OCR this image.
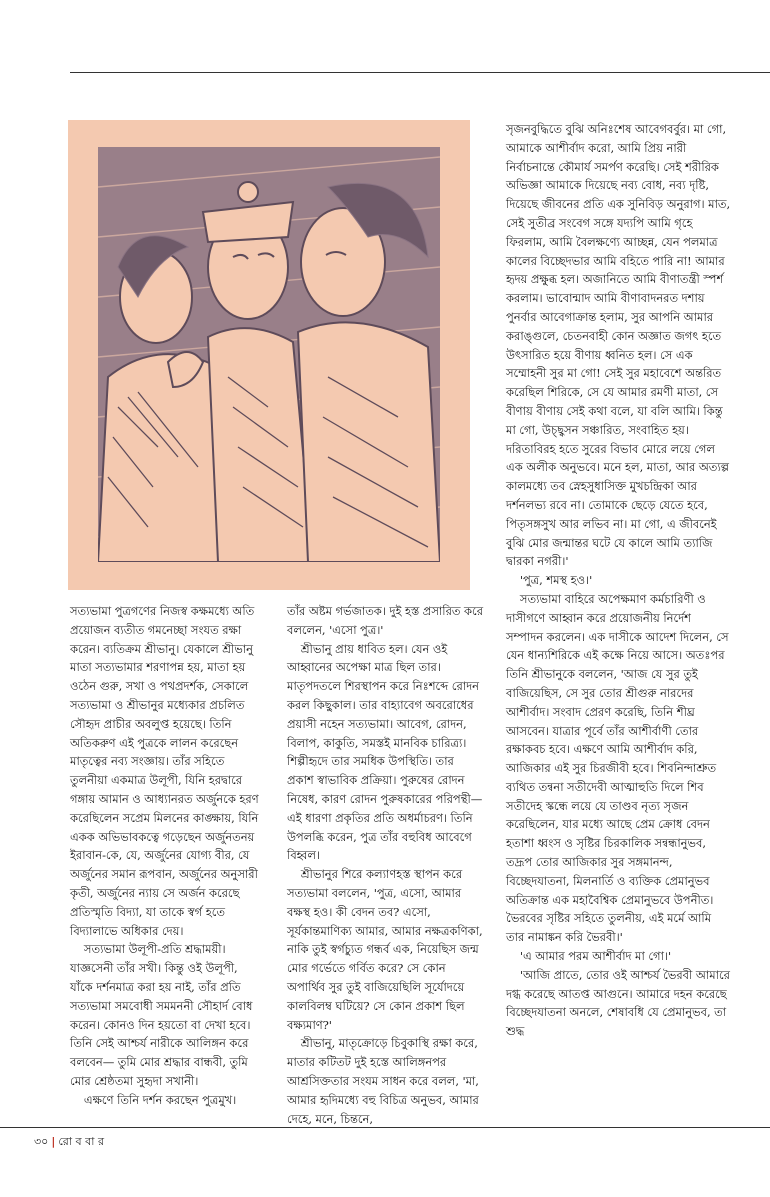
সত্যভামা পুত্রগণের নিজস্ব কক্ষমধ্যে অতি প্রয়োজন ব্যতীত গমনেচ্ছা সংযত রক্ষা করেন। ব্যতিক্রম শ্রীভানু। যেকালে শ্রীভানু মাতা সত্যভামার শরণাপন্ন হয়, মাতা হয় ওঠেন গুরু, সখা ও পথপ্রদর্শক, সেকালে সত্যভামা ও শ্রীভানুর মধ্যেকার প্রচলিত সৌহৃদ প্রাচীর অবলুপ্ত হয়েছে। তিনি অতিকরুণ এই পুত্রকে লালন করেছেন মাতৃত্বের নব্য সংজ্ঞায়। তাঁর সহিতে তুলনীয়া একমাত্র উলূপী, যিনি হরদ্বারে গঙ্গায় আমান ও আধ্যানরত অর্জুনকে হরণ করেছিলেন সপ্রেম মিলনের কাঙ্ক্ষায়, যিনি একক অভিভাবকত্বে গড়েছেন অর্জুনতনয় ইরাবান-কে, যে, অর্জুনের যোগ্য বীর, যে অর্জুনের সমান রূপবান, অর্জুনের অনুসারী কৃতী, অর্জুনের ন্যায় সে অর্জন করেছে প্রতিস্মৃতি বিদ্যা, যা তাকে স্বর্গ হতে বিদ্যালাভে অধিকার দেয়।

সত্যভামা উলূপী-প্রতি শ্রদ্ধাময়ী। যাজ্ঞসেনী তাঁর সখী। কিন্তু ওই উলূপী, যাঁকে দর্শনমাত্র করা হয় নাই, তাঁর প্রতি সত্যভামা সমবোধী সমমননী সৌহার্দ বোধ করেন। কোনও দিন হয়তো বা দেখা হবে। তিনি সেই আশ্চর্য নারীকে আলিঙ্গন করে বলবেন— তুমি মোর শ্রদ্ধার বান্ধবী, তুমি মোর শ্রেষ্ঠতমা সুহৃদা সখানী।

এক্ষণে তিনি দর্শন করছেন পুত্রমুখ।

তাঁর অষ্টম গর্ভজাতক। দুই হস্ত প্রসারিত করে বললেন, 'এসো পুত্র।'

শ্রীভানু প্রায় ধাবিত হল। যেন ওই আহ্বানের অপেক্ষা মাত্র ছিল তার। মাতৃপদতলে শিরস্থাপন করে নিঃশব্দে রোদন করল কিছুকাল। তার বাহ্যাবেগ অবরোধের প্রয়াসী নহেন সত্যভামা। আবেগ, রোদন, বিলাপ, কাকুতি, সমস্তই মানবিক চারিত্র্য। শিল্পীহৃদে তার সমধিক উপস্থিতি। তার প্রকাশ স্বাভাবিক প্রক্রিয়া। পুরুষের রোদন নিষেধ, কারণ রোদন পুরুষকারের পরিপন্থী— এই ধারণা প্রকৃতির প্রতি অধর্মাচরণ। তিনি উপলব্ধি করেন, পুত্র তাঁর বহুবিধ আবেগে বিহ্বল।

শ্রীভানুর শিরে কল্যাণহস্ত স্থাপন করে সত্যভামা বললেন, 'পুত্র, এসো, আমার বক্ষস্থ হও। কী বেদন তব? এসো, সূর্যকান্তমাণিক্য আমার, আমার নক্ষত্রকণিকা, নাকি তুই স্বর্গচ্যুত গন্ধর্ব এক, নিয়েছিস জন্ম মোর গর্ভেতে গর্বিত করে? সে কোন অপার্থিব সুর তুই বাজিয়েছিলি সূর্যোদয়ে কালবিলম্ব ঘটিয়ে? সে কোন প্রকাশ ছিল বক্ষ্যমাণ?'

শ্রীভানু, মাতৃক্রোড়ে চিবুকাস্থি রক্ষা করে, মাতার কটিতট দুই হস্তে আলিঙ্গনপর আশ্রসিক্ততার সংযম সাধন করে বলল, 'মা, আমার হৃদিমধ্যে বহু বিচিত্র অনুভব, আমার দেহে, মনে, চিন্তনে,

সৃজনবুদ্ধিতে বুঝি অনিঃশেষ আবেগবর্বুর। মা গো, আমাকে আশীর্বাদ করো, আমি প্রিয় নারী নির্বাচনান্তে কৌমার্য সমর্পণ করেছি। সেই শরীরিক অভিজ্ঞা আমাকে দিয়েছে নব্য বোধ, নব্য দৃষ্টি, দিয়েছে জীবনের প্রতি এক সুনিবিড় অনুরাগ। মাত, সেই সুতীব্র সংবেগ সঙ্গে যদ্যপি আমি গৃহে ফিরলাম, আমি বৈলক্ষণ্যে আচ্ছন্ন, যেন পলমাত্র কালের বিচ্ছেদভার আমি বহিতে পারি না! আমার হৃদয় প্রক্ষুব্ধ হল। অজানিতে আমি বীণাতন্ত্রী স্পর্শ করলাম। ভাবোন্মাদ আমি বীণাবাদনরত দশায় পুনর্বার আবেগাক্রান্ত হলাম, সুর আপনি আমার করাঙ্গুলে, চেতনবাহী কোন অজ্ঞাত জগৎ হতে উৎসারিত হয়ে বীণায় ধ্বনিত হল। সে এক সম্মোহনী সুর মা গো! সেই সুর মহাবেশে অন্তরিত করেছিল শিরিকে, সে যে আমার রমণী মাতা, সে বীণায় বীণায় সেই কথা বলে, যা বলি আমি। কিন্তু মা গো, উচ্ছ্বসন সঞ্চারিত, সংবাহিত হয়। দরিতাবিরহ হতে সুরের বিভাব মোরে লয়ে গেল এক অলীক অনুভবে। মনে হল, মাতা, আর অত্যল্প কালমধ্যে তব স্নেহসুধাসিক্ত মুখচন্দ্রিকা আর দর্শনলভ্য রবে না। তোমাকে ছেড়ে যেতে হবে, পিতৃসঙ্গসুখ আর লভিব না। মা গো, এ জীবনেই বুঝি মোর জন্মান্তর ঘটে যে কালে আমি ত্যাজি দ্বারকা নগরী।'

'পুত্র, শমস্থ হও।'

সত্যভামা বাহিরে অপেক্ষমাণ কর্মচারিণী ও দাসীগণে আহ্বান করে প্রয়োজনীয় নির্দেশ সম্পাদন করলেন। এক দাসীকে আদেশ দিলেন, সে যেন ধান্যশিরিকে এই কক্ষে নিয়ে আসে। অতঃপর তিনি শ্রীভানুকে বললেন, 'আজ যে সুর তুই বাজিয়েছিস, সে সুর তোর শ্রীগুরু নারদের আশীর্বাদ। সংবাদ প্রেরণ করেছি, তিনি শীঘ্র আসবেন। যাত্রার পূর্বে তাঁর আশীর্বাণী তোর রক্ষাকবচ হবে। এক্ষণে আমি আশীর্বাদ করি, আজিকার এই সুর চিরজীবী হবে। শিবনিন্দাশ্রুত ব্যথিত তন্বনা সতীদেবী আত্মাহুতি দিলে শিব সতীদেহ স্কন্ধে লয়ে যে তাণ্ডব নৃত্য সৃজন করেছিলেন, যার মধ্যে আছে প্রেম ক্রোধ বেদন হতাশা ধ্বংস ও সৃষ্টির চিরকালিক সন্বন্ধানুভব, তদ্রূপ তোর আজিকার সুর সঙ্গমানন্দ, বিচ্ছেদযাতনা, মিলনার্তি ও ব্যক্তিক প্রেমানুভব অতিক্রান্ত এক মহাবৈশ্বিক প্রেমানুভবে উপনীত। ভৈরবের সৃষ্টির সহিতে তুলনীয়, এই মর্মে আমি তার নামাঙ্কন করি ভৈরবী।'

'এ আমার পরম আশীর্বাদ মা গো।'

'আজি প্রাতে, তোর ওই আশ্চর্য ভৈরবী আমারে দগ্ধ করেছে আতপ্ত আগুনে। আমারে দহন করেছে বিচ্ছেদযাতনা অনলে, শেষাবধি যে প্রেমানুভব, তা শুদ্ধ

৩০ | রো ব বা র
